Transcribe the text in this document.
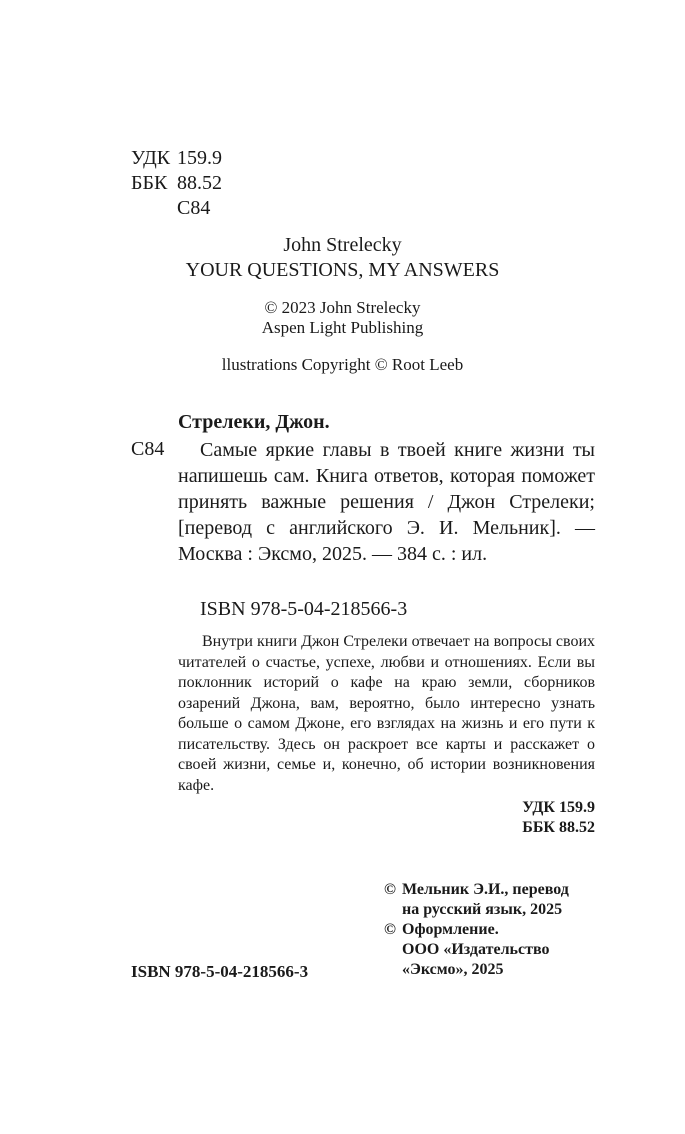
УДК 159.9
ББК 88.52
С84
John Strelecky
YOUR QUESTIONS, MY ANSWERS
© 2023 John Strelecky
Aspen Light Publishing
llustrations Copyright © Root Leeb
Стрелеки, Джон.
С84	Самые яркие главы в твоей книге жизни ты напишешь сам. Книга ответов, которая поможет принять важные решения / Джон Стрелеки; [перевод с английского Э. И. Мельник]. — Москва : Эксмо, 2025. — 384 с. : ил.
ISBN 978-5-04-218566-3
Внутри книги Джон Стрелеки отвечает на вопросы своих читателей о счастье, успехе, любви и отношениях. Если вы поклонник историй о кафе на краю земли, сборников озарений Джона, вам, вероятно, было интересно узнать больше о самом Джоне, его взглядах на жизнь и его пути к писательству. Здесь он раскроет все карты и расскажет о своей жизни, семье и, конечно, об истории возникновения кафе.
УДК 159.9
ББК 88.52
ISBN 978-5-04-218566-3
© Мельник Э.И., перевод
на русский язык, 2025
© Оформление.
ООО «Издательство
«Эксмо», 2025
